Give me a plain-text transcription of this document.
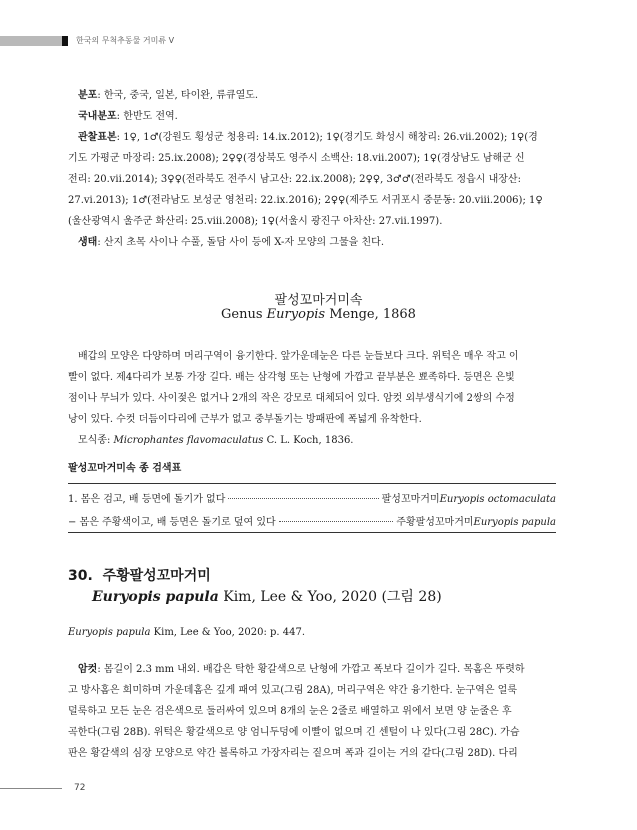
한국의 무척추동물 거미류 V

분포: 한국, 중국, 일본, 타이완, 류큐열도.

국내분포: 한반도 전역.

관찰표본: 1♀, 1♂(강원도 횡성군 청용리: 14.ix.2012); 1♀(경기도 화성시 해창리: 26.vii.2002); 1♀(경

기도 가평군 마장리: 25.ix.2008); 2♀♀(경상북도 영주시 소백산: 18.vii.2007); 1♀(경상남도 남해군 신

전리: 20.vii.2014); 3♀♀(전라북도 전주시 남고산: 22.ix.2008); 2♀♀, 3♂♂(전라북도 정읍시 내장산:

27.vi.2013); 1♂(전라남도 보성군 영천리: 22.ix.2016); 2♀♀(제주도 서귀포시 중문동: 20.viii.2006); 1♀

(울산광역시 울주군 화산리: 25.viii.2008); 1♀(서울시 광진구 아차산: 27.vii.1997).

생태: 산지 초목 사이나 수풀, 돌담 사이 등에 X-자 모양의 그물을 친다.

팔성꼬마거미속
Genus Euryopis Menge, 1868

배갑의 모양은 다양하며 머리구역이 융기한다. 앞가운데눈은 다른 눈들보다 크다. 위턱은 매우 작고 이

빨이 없다. 제4다리가 보통 가장 길다. 배는 삼각형 또는 난형에 가깝고 끝부분은 뾰족하다. 등면은 은빛

점이나 무늬가 있다. 사이젖은 없거나 2개의 작은 강모로 대체되어 있다. 암컷 외부생식기에 2쌍의 수정

낭이 있다. 수컷 더듬이다리에 근부가 없고 중부돌기는 방패판에 폭넓게 유착한다.

모식종: Microphantes flavomaculatus C. L. Koch, 1836.

팔성꼬마거미속 종 검색표
1. 몸은 검고, 배 등면에 돌기가 없다	팔성꼬마거미 Euryopis octomaculata
− 몸은 주황색이고, 배 등면은 돌기로 덮여 있다	주황팔성꼬마거미 Euryopis papula
30. 주황팔성꼬마거미
Euryopis papula Kim, Lee & Yoo, 2020 (그림 28)

Euryopis papula Kim, Lee & Yoo, 2020: p. 447.

암컷: 몸길이 2.3 mm 내외. 배갑은 탁한 황갈색으로 난형에 가깝고 폭보다 길이가 길다. 목홈은 뚜렷하

고 방사홈은 희미하며 가운데홈은 깊게 패여 있고(그림 28A), 머리구역은 약간 융기한다. 눈구역은 얼룩

덜룩하고 모든 눈은 검은색으로 둘러싸여 있으며 8개의 눈은 2줄로 배열하고 위에서 보면 양 눈줄은 후

곡한다(그림 28B). 위턱은 황갈색으로 양 엄니두덩에 이빨이 없으며 긴 센털이 나 있다(그림 28C). 가슴

판은 황갈색의 심장 모양으로 약간 볼록하고 가장자리는 짙으며 폭과 길이는 거의 같다(그림 28D). 다리

72
